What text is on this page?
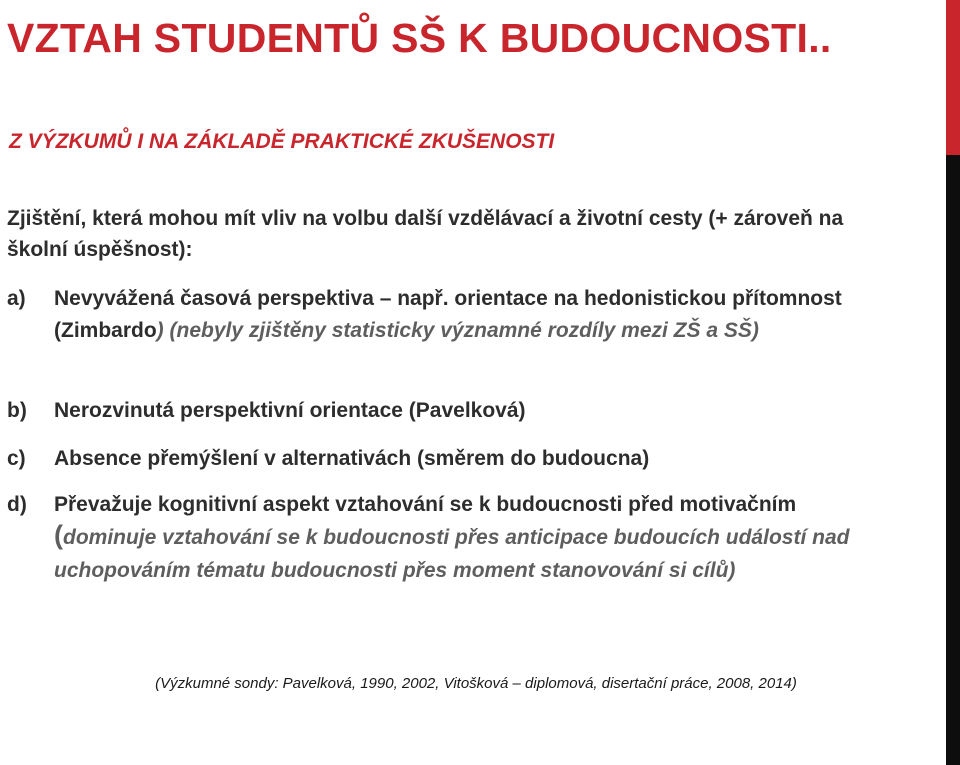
VZTAH STUDENTŮ SŠ K BUDOUCNOSTI..
Z VÝZKUMŮ I NA ZÁKLADĚ PRAKTICKÉ ZKUŠENOSTI
Zjištění, která mohou mít vliv na volbu další vzdělávací a životní cesty (+ zároveň na školní úspěšnost):
a) Nevyvážená časová perspektiva – např. orientace na hedonistickou přítomnost (Zimbardo) (nebyly zjištěny statisticky významné rozdíly mezi ZŠ a SŠ)
b) Nerozvinutá perspektivní orientace (Pavelková)
c) Absence přemýšlení v alternativách (směrem do budoucna)
d) Převažuje kognitivní aspekt vztahování se k budoucnosti před motivačním (dominuje vztahování se k budoucnosti přes anticipace budoucích událostí nad uchopováním tématu budoucnosti přes moment stanovování si cílů)
(Výzkumné sondy: Pavelková, 1990, 2002, Vitošková – diplomová, disertační práce, 2008, 2014)
